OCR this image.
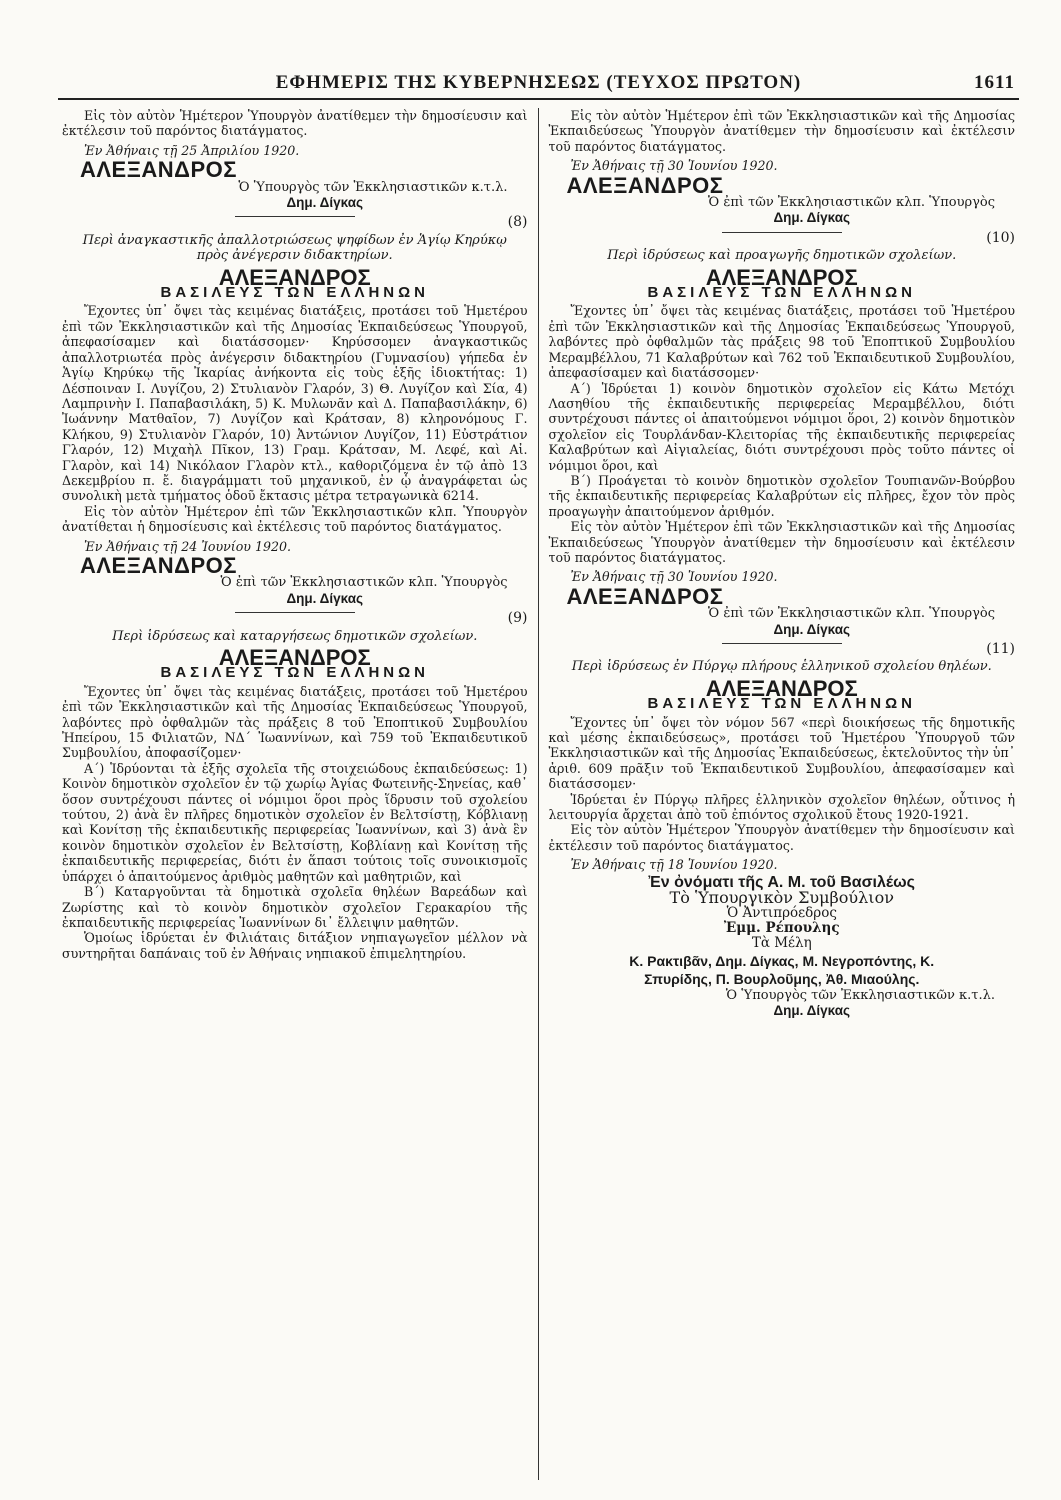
ΕΦΗΜΕΡΙΣ ΤΗΣ ΚΥΒΕΡΝΗΣΕΩΣ (ΤΕΥΧΟΣ ΠΡΩΤΟΝ)	1611

Εἰς τὸν αὐτὸν Ἡμέτερον Ὑπουργὸν ἀνατίθεμεν τὴν δημοσίευσιν καὶ ἐκτέλεσιν τοῦ παρόντος διατάγματος.

Ἐν Ἀθήναις τῇ 25 Ἀπριλίου 1920.
ΑΛΕΞΑΝΔΡΟΣ
Ὁ Ὑπουργὸς τῶν Ἐκκλησιαστικῶν κ.τ.λ.
Δημ. Δίγκας
(8)
Περὶ ἀναγκαστικῆς ἀπαλλοτριώσεως ψηφίδων ἐν Ἁγίῳ Κηρύκῳ πρὸς ἀνέγερσιν διδακτηρίων.
ΑΛΕΞΑΝΔΡΟΣ
ΒΑΣΙΛΕΥΣ ΤΩΝ ΕΛΛΗΝΩΝ

Ἔχοντες ὑπ᾽ ὄψει τὰς κειμένας διατάξεις, προτάσει τοῦ Ἡμετέρου ἐπὶ τῶν Ἐκκλησιαστικῶν καὶ τῆς Δημοσίας Ἐκπαιδεύσεως Ὑπουργοῦ, ἀπεφασίσαμεν καὶ διατάσσομεν· Κηρύσσομεν ἀναγκαστικῶς ἀπαλλοτριωτέα πρὸς ἀνέγερσιν διδακτηρίου (Γυμνασίου) γήπεδα ἐν Ἁγίῳ Κηρύκῳ τῆς Ἰκαρίας ἀνήκοντα εἰς τοὺς ἑξῆς ἰδιοκτήτας: 1) Δέσποιναν Ι. Λυγίζου, 2) Στυλιανὸν Γλαρόν, 3) Θ. Λυγίζον καὶ Σία, 4) Λαμπρινὴν Ι. Παπαβασιλάκη, 5) Κ. Μυλωνᾶν καὶ Δ. Παπαβασιλάκην, 6) Ἰωάννην Ματθαῖον, 7) Λυγίζον καὶ Κράτσαν, 8) κληρονόμους Γ. Κλήκου, 9) Στυλιανὸν Γλαρόν, 10) Ἀντώνιον Λυγίζον, 11) Εὐστράτιον Γλαρόν, 12) Μιχαὴλ Πῖκον, 13) Γραμ. Κράτσαν, Μ. Λεφέ, καὶ Αἰ. Γλαρὸν, καὶ 14) Νικόλαον Γλαρὸν κτλ., καθοριζόμενα ἐν τῷ ἀπὸ 13 Δεκεμβρίου π. ἔ. διαγράμματι τοῦ μηχανικοῦ, ἐν ᾧ ἀναγράφεται ὡς συνολικὴ μετὰ τμήματος ὁδοῦ ἔκτασις μέτρα τετραγωνικὰ 6214.

Εἰς τὸν αὐτὸν Ἡμέτερον ἐπὶ τῶν Ἐκκλησιαστικῶν κλπ. Ὑπουργὸν ἀνατίθεται ἡ δημοσίευσις καὶ ἐκτέλεσις τοῦ παρόντος διατάγματος.

Ἐν Ἀθήναις τῇ 24 Ἰουνίου 1920.
ΑΛΕΞΑΝΔΡΟΣ
Ὁ ἐπὶ τῶν Ἐκκλησιαστικῶν κλπ. Ὑπουργὸς
Δημ. Δίγκας
(9)
Περὶ ἱδρύσεως καὶ καταργήσεως δημοτικῶν σχολείων.
ΑΛΕΞΑΝΔΡΟΣ
ΒΑΣΙΛΕΥΣ ΤΩΝ ΕΛΛΗΝΩΝ

Ἔχοντες ὑπ᾽ ὄψει τὰς κειμένας διατάξεις, προτάσει τοῦ Ἡμετέρου ἐπὶ τῶν Ἐκκλησιαστικῶν καὶ τῆς Δημοσίας Ἐκπαιδεύσεως Ὑπουργοῦ, λαβόντες πρὸ ὀφθαλμῶν τὰς πράξεις 8 τοῦ Ἐποπτικοῦ Συμβουλίου Ἠπείρου, 15 Φιλιατῶν, ΝΔ´ Ἰωαννίνων, καὶ 759 τοῦ Ἐκπαιδευτικοῦ Συμβουλίου, ἀποφασίζομεν·

Α´) Ἱδρύονται τὰ ἑξῆς σχολεῖα τῆς στοιχειώδους ἐκπαιδεύσεως: 1) Κοινὸν δημοτικὸν σχολεῖον ἐν τῷ χωρίῳ Ἁγίας Φωτεινῆς-Σηνείας, καθ᾽ ὅσον συντρέχουσι πάντες οἱ νόμιμοι ὅροι πρὸς ἵδρυσιν τοῦ σχολείου τούτου, 2) ἀνὰ ἓν πλῆρες δημοτικὸν σχολεῖον ἐν Βελτσίστῃ, Κόβλιανῃ καὶ Κονίτσῃ τῆς ἐκπαιδευτικῆς περιφερείας Ἰωαννίνων, καὶ 3) ἀνὰ ἓν κοινὸν δημοτικὸν σχολεῖον ἐν Βελτσίστῃ, Κοβλίανῃ καὶ Κονίτσῃ τῆς ἐκπαιδευτικῆς περιφερείας, διότι ἐν ἅπασι τούτοις τοῖς συνοικισμοῖς ὑπάρχει ὁ ἀπαιτούμενος ἀριθμὸς μαθητῶν καὶ μαθητριῶν, καὶ

Β´) Καταργοῦνται τὰ δημοτικὰ σχολεῖα θηλέων Βαρεάδων καὶ Ζωρίστης καὶ τὸ κοινὸν δημοτικὸν σχολεῖον Γερακαρίου τῆς ἐκπαιδευτικῆς περιφερείας Ἰωαννίνων δι᾽ ἔλλειψιν μαθητῶν.

Ὁμοίως ἱδρύεται ἐν Φιλιάταις διτάξιον νηπιαγωγεῖον μέλλον νὰ συντηρῆται δαπάναις τοῦ ἐν Ἀθήναις νηπιακοῦ ἐπιμελητηρίου.

Εἰς τὸν αὐτὸν Ἡμέτερον ἐπὶ τῶν Ἐκκλησιαστικῶν καὶ τῆς Δημοσίας Ἐκπαιδεύσεως Ὑπουργὸν ἀνατίθεμεν τὴν δημοσίευσιν καὶ ἐκτέλεσιν τοῦ παρόντος διατάγματος.

Ἐν Ἀθήναις τῇ 30 Ἰουνίου 1920.
ΑΛΕΞΑΝΔΡΟΣ
Ὁ ἐπὶ τῶν Ἐκκλησιαστικῶν κλπ. Ὑπουργὸς
Δημ. Δίγκας
(10)
Περὶ ἱδρύσεως καὶ προαγωγῆς δημοτικῶν σχολείων.
ΑΛΕΞΑΝΔΡΟΣ
ΒΑΣΙΛΕΥΣ ΤΩΝ ΕΛΛΗΝΩΝ

Ἔχοντες ὑπ᾽ ὄψει τὰς κειμένας διατάξεις, προτάσει τοῦ Ἡμετέρου ἐπὶ τῶν Ἐκκλησιαστικῶν καὶ τῆς Δημοσίας Ἐκπαιδεύσεως Ὑπουργοῦ, λαβόντες πρὸ ὀφθαλμῶν τὰς πράξεις 98 τοῦ Ἐποπτικοῦ Συμβουλίου Μεραμβέλλου, 71 Καλαβρύτων καὶ 762 τοῦ Ἐκπαιδευτικοῦ Συμβουλίου, ἀπεφασίσαμεν καὶ διατάσσομεν·

Α´) Ἱδρύεται 1) κοινὸν δημοτικὸν σχολεῖον εἰς Κάτω Μετόχι Λασηθίου τῆς ἐκπαιδευτικῆς περιφερείας Μεραμβέλλου, διότι συντρέχουσι πάντες οἱ ἀπαιτούμενοι νόμιμοι ὅροι, 2) κοινὸν δημοτικὸν σχολεῖον εἰς Τουρλάνδαν-Κλειτορίας τῆς ἐκπαιδευτικῆς περιφερείας Καλαβρύτων καὶ Αἰγιαλείας, διότι συντρέχουσι πρὸς τοῦτο πάντες οἱ νόμιμοι ὅροι, καὶ

Β´) Προάγεται τὸ κοινὸν δημοτικὸν σχολεῖον Τουπιανῶν-Βούρβου τῆς ἐκπαιδευτικῆς περιφερείας Καλαβρύτων εἰς πλῆρες, ἔχον τὸν πρὸς προαγωγὴν ἀπαιτούμενον ἀριθμόν.

Εἰς τὸν αὐτὸν Ἡμέτερον ἐπὶ τῶν Ἐκκλησιαστικῶν καὶ τῆς Δημοσίας Ἐκπαιδεύσεως Ὑπουργὸν ἀνατίθεμεν τὴν δημοσίευσιν καὶ ἐκτέλεσιν τοῦ παρόντος διατάγματος.

Ἐν Ἀθήναις τῇ 30 Ἰουνίου 1920.
ΑΛΕΞΑΝΔΡΟΣ
Ὁ ἐπὶ τῶν Ἐκκλησιαστικῶν κλπ. Ὑπουργὸς
Δημ. Δίγκας
(11)
Περὶ ἱδρύσεως ἐν Πύργῳ πλήρους ἑλληνικοῦ σχολείου θηλέων.
ΑΛΕΞΑΝΔΡΟΣ
ΒΑΣΙΛΕΥΣ ΤΩΝ ΕΛΛΗΝΩΝ

Ἔχοντες ὑπ᾽ ὄψει τὸν νόμον 567 «περὶ διοικήσεως τῆς δημοτικῆς καὶ μέσης ἐκπαιδεύσεως», προτάσει τοῦ Ἡμετέρου Ὑπουργοῦ τῶν Ἐκκλησιαστικῶν καὶ τῆς Δημοσίας Ἐκπαιδεύσεως, ἐκτελοῦντος τὴν ὑπ᾽ ἀριθ. 609 πρᾶξιν τοῦ Ἐκπαιδευτικοῦ Συμβουλίου, ἀπεφασίσαμεν καὶ διατάσσομεν·

Ἱδρύεται ἐν Πύργῳ πλῆρες ἑλληνικὸν σχολεῖον θηλέων, οὗτινος ἡ λειτουργία ἄρχεται ἀπὸ τοῦ ἐπιόντος σχολικοῦ ἔτους 1920-1921.

Εἰς τὸν αὐτὸν Ἡμέτερον Ὑπουργὸν ἀνατίθεμεν τὴν δημοσίευσιν καὶ ἐκτέλεσιν τοῦ παρόντος διατάγματος.

Ἐν Ἀθήναις τῇ 18 Ἰουνίου 1920.
Ἐν ὀνόματι τῆς Α. Μ. τοῦ Βασιλέως
Τὸ Ὑπουργικὸν Συμβούλιον
Ὁ Ἀντιπρόεδρος
Ἐμμ. Ρέπουλης
Τὰ Μέλη
Κ. Ρακτιβᾶν, Δημ. Δίγκας, Μ. Νεγροπόντης, Κ.
Σπυρίδης, Π. Βουρλοῦμης, Ἀθ. Μιαούλης.
Ὁ Ὑπουργὸς τῶν Ἐκκλησιαστικῶν κ.τ.λ.
Δημ. Δίγκας
